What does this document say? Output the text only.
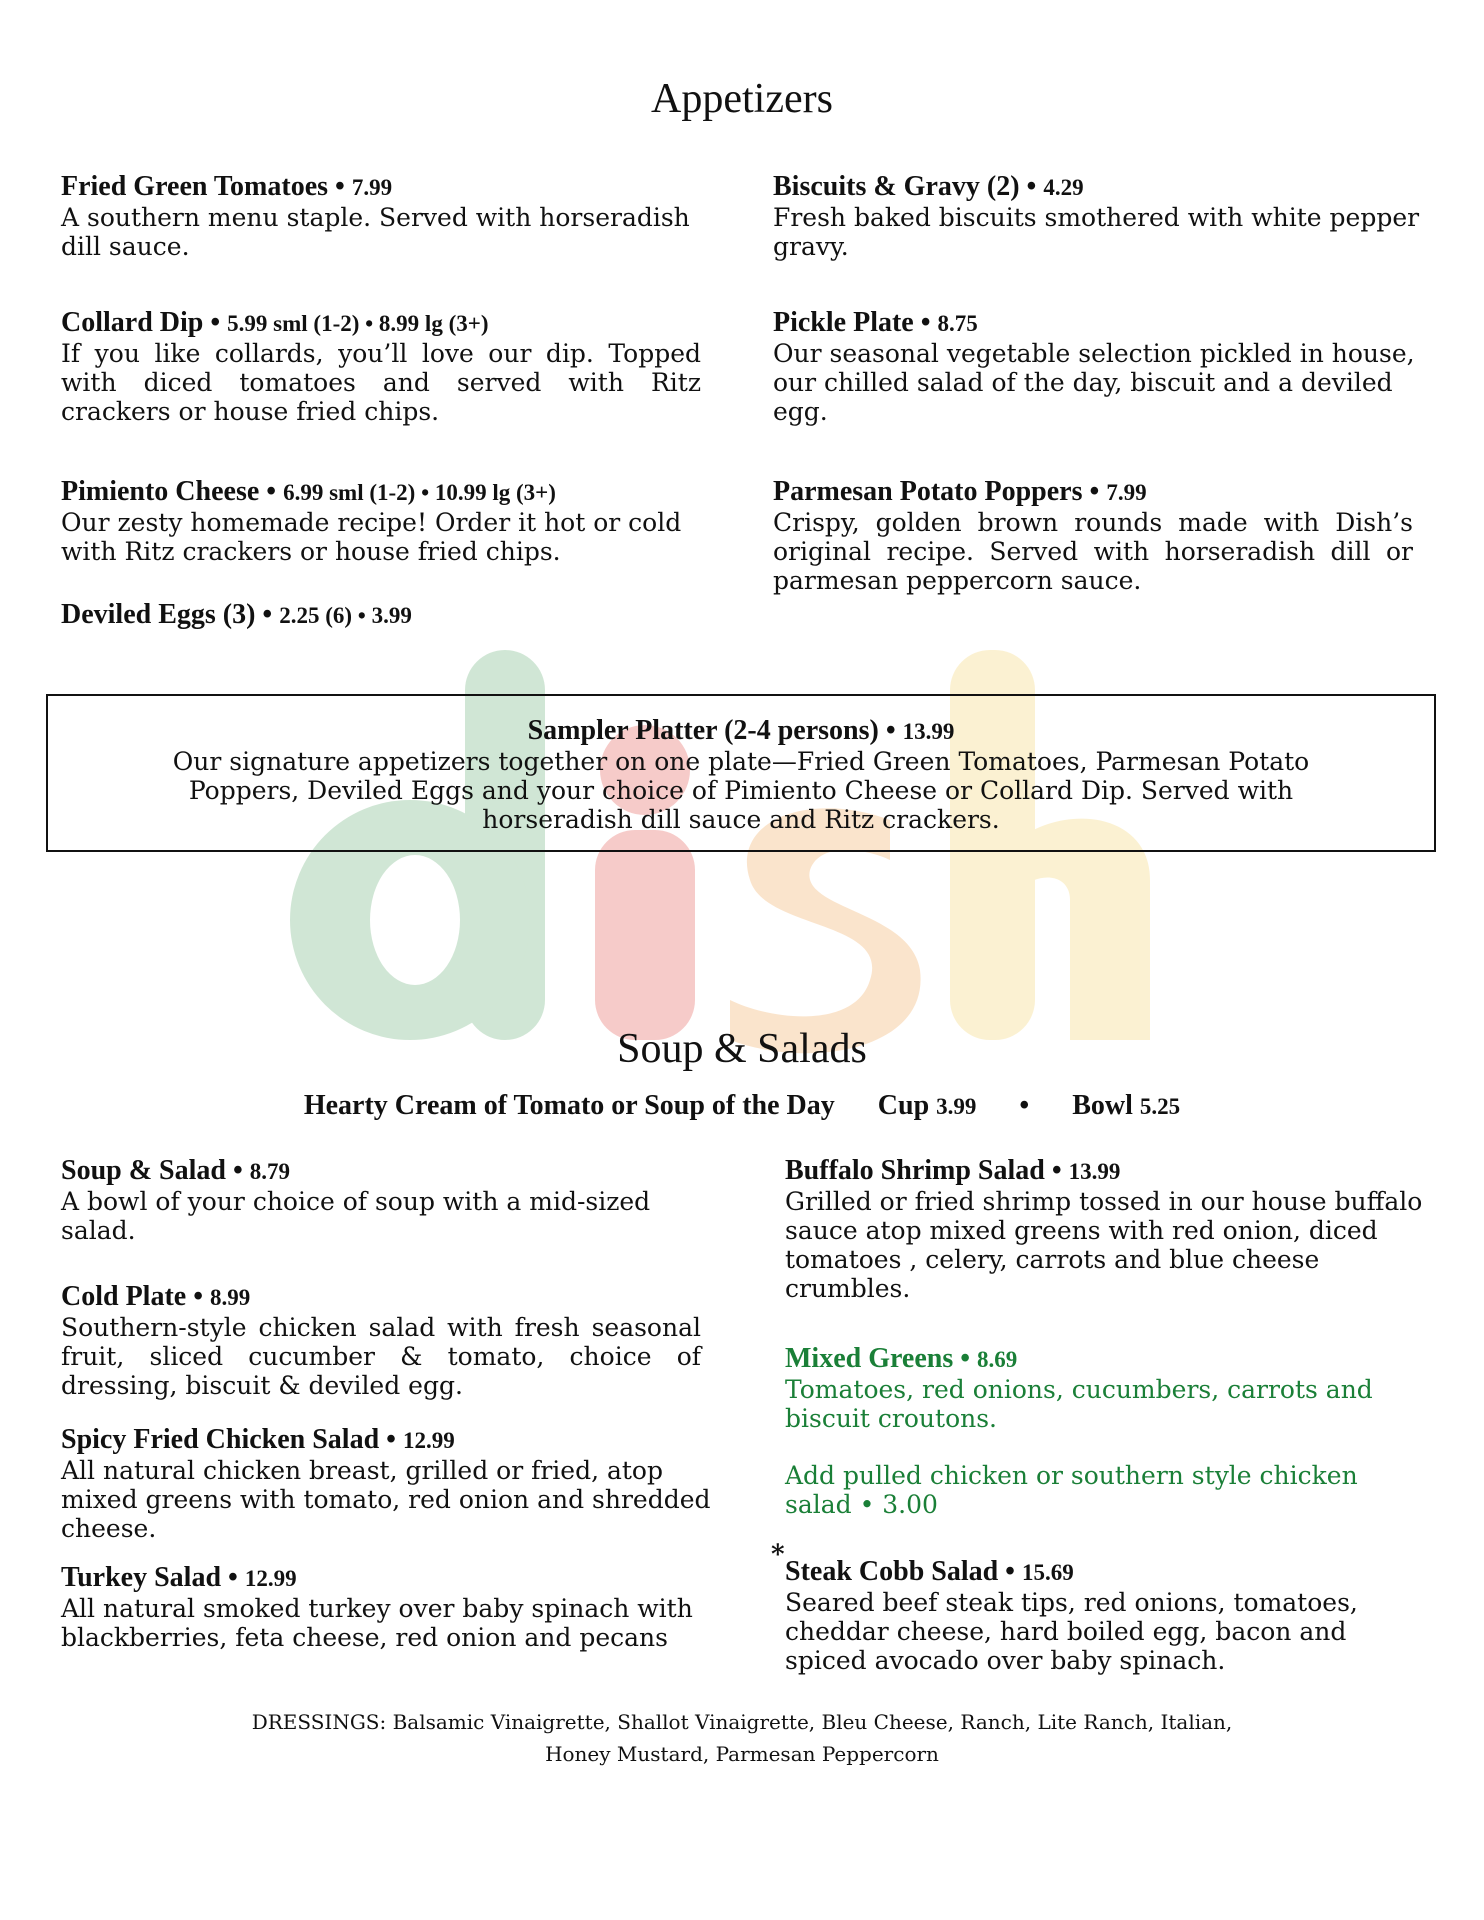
Appetizers
Fried Green Tomatoes • 7.99
A southern menu staple. Served with horseradish dill sauce.
Collard Dip • 5.99 sml (1-2) • 8.99 lg (3+)
If you like collards, you’ll love our dip. Topped with diced tomatoes and served with Ritz crackers or house fried chips.
Pimiento Cheese • 6.99 sml (1-2) • 10.99 lg (3+)
Our zesty homemade recipe! Order it hot or cold with Ritz crackers or house fried chips.
Deviled Eggs (3) • 2.25 (6) • 3.99
Biscuits & Gravy (2) • 4.29
Fresh baked biscuits smothered with white pepper gravy.
Pickle Plate • 8.75
Our seasonal vegetable selection pickled in house, our chilled salad of the day, biscuit and a deviled egg.
Parmesan Potato Poppers • 7.99
Crispy, golden brown rounds made with Dish’s original recipe. Served with horseradish dill or parmesan peppercorn sauce.
Sampler Platter (2-4 persons) • 13.99
Our signature appetizers together on one plate—Fried Green Tomatoes, Parmesan Potato Poppers, Deviled Eggs and your choice of Pimiento Cheese or Collard Dip. Served with horseradish dill sauce and Ritz crackers.
Soup & Salads
Hearty Cream of Tomato or Soup of the Day Cup 3.99 • Bowl 5.25
Soup & Salad • 8.79
A bowl of your choice of soup with a mid-sized salad.
Cold Plate • 8.99
Southern-style chicken salad with fresh seasonal fruit, sliced cucumber & tomato, choice of dressing, biscuit & deviled egg.
Spicy Fried Chicken Salad • 12.99
All natural chicken breast, grilled or fried, atop mixed greens with tomato, red onion and shredded cheese.
Turkey Salad • 12.99
All natural smoked turkey over baby spinach with blackberries, feta cheese, red onion and pecans
Buffalo Shrimp Salad • 13.99
Grilled or fried shrimp tossed in our house buffalo sauce atop mixed greens with red onion, diced tomatoes , celery, carrots and blue cheese crumbles.
Mixed Greens • 8.69
Tomatoes, red onions, cucumbers, carrots and biscuit croutons.
Add pulled chicken or southern style chicken salad • 3.00
*
Steak Cobb Salad • 15.69
Seared beef steak tips, red onions, tomatoes, cheddar cheese, hard boiled egg, bacon and spiced avocado over baby spinach.
DRESSINGS: Balsamic Vinaigrette, Shallot Vinaigrette, Bleu Cheese, Ranch, Lite Ranch, Italian,
Honey Mustard, Parmesan Peppercorn
